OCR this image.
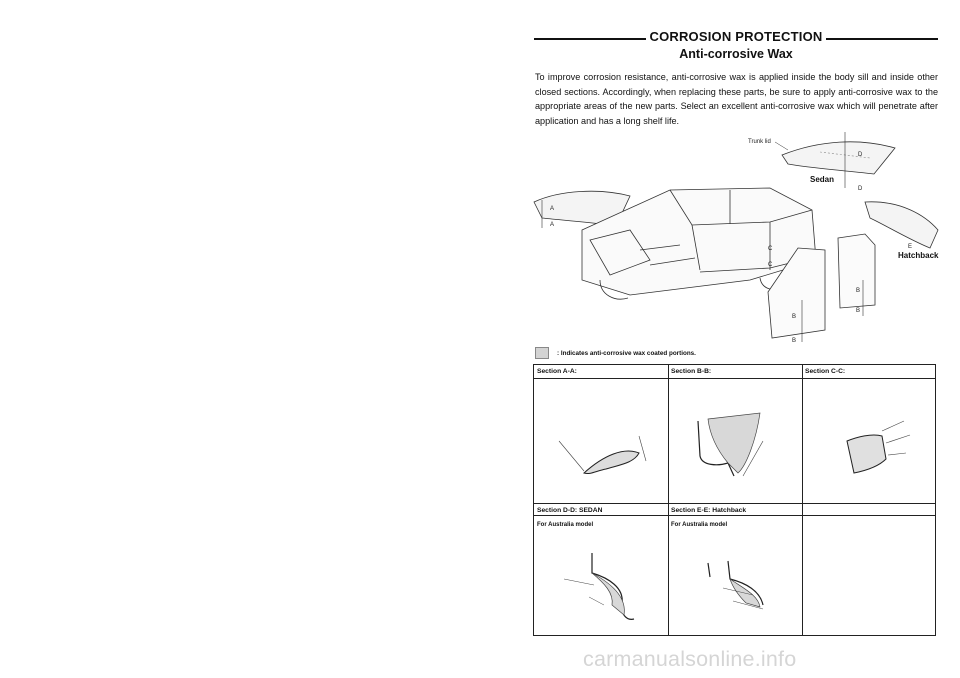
CORROSION PROTECTION
Anti-corrosive Wax
To improve corrosion resistance, anti-corrosive wax is applied inside the body sill and inside other closed sections. Accordingly, when replacing these parts, be sure to apply anti-corrosive wax to the appropriate areas of the new parts. Select an excellent anti-corrosive wax which will penetrate after application and has a long shelf life.
Trunk lid
Sedan
D
D
A
A
C
C
E
Hatchback
B
B
B
B
: Indicates anti-corrosive wax coated portions.
Section A-A:	Section B-B:	Section C-C:
Section D-D: SEDAN
For Australia model
Section E-E: Hatchback
For Australia model
carmanualsonline.info
